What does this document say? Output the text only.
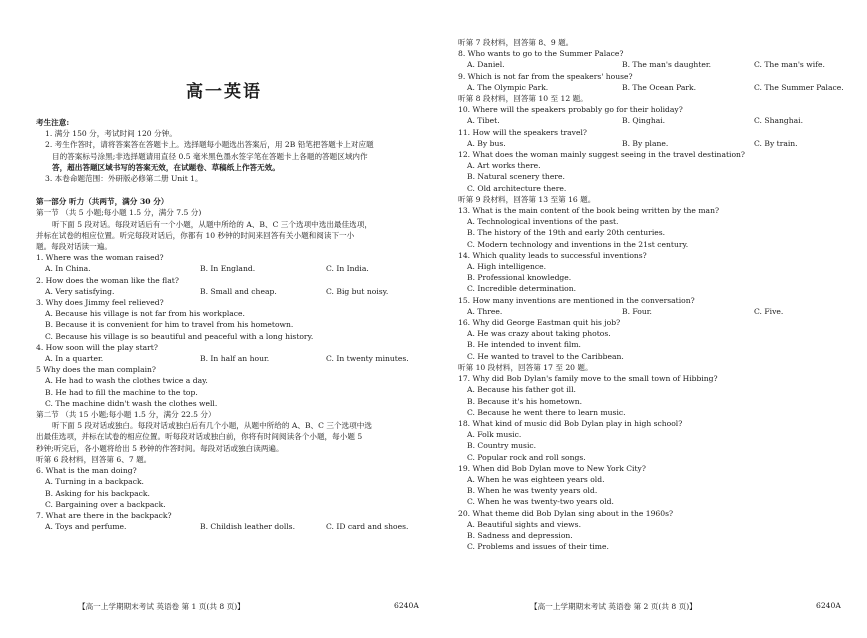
高一英语
考生注意:
1. 满分 150 分，考试时间 120 分钟。
2. 考生作答时，请将答案答在答题卡上。选择题每小题选出答案后，用 2B 铅笔把答题卡上对应题
目的答案标号涂黑;非选择题请用直径 0.5 毫米黑色墨水签字笔在答题卡上各题的答题区域内作
答，超出答题区域书写的答案无效，在试题卷、草稿纸上作答无效。
3. 本卷命题范围：外研版必修第二册 Unit 1。
第一部分 听力（共两节，满分 30 分）
第一节 （共 5 小题;每小题 1.5 分，满分 7.5 分)
听下面 5 段对话。每段对话后有一个小题，从题中所给的 A、B、C 三个选项中选出最佳选项，
并标在试卷的相应位置。听完每段对话后，你都有 10 秒钟的时间来回答有关小题和阅读下一小
题。每段对话读一遍。
1. Where was the woman raised?
A. In China.	B. In England.	C. In India.
2. How does the woman like the flat?
A. Very satisfying.	B. Small and cheap.	C. Big but noisy.
3. Why does Jimmy feel relieved?
A. Because his village is not far from his workplace.
B. Because it is convenient for him to travel from his hometown.
C. Because his village is so beautiful and peaceful with a long history.
4. How soon will the play start?
A. In a quarter.	B. In half an hour.	C. In twenty minutes.
5 Why does the man complain?
A. He had to wash the clothes twice a day.
B. He had to fill the machine to the top.
C. The machine didn't wash the clothes well.
第二节 （共 15 小题;每小题 1.5 分，满分 22.5 分）
听下面 5 段对话或独白。每段对话或独白后有几个小题，从题中所给的 A、B、C 三个选项中选
出最佳选项，并标在试卷的相应位置。听每段对话或独白前，你将有时间阅读各个小题，每小题 5
秒钟;听完后，各小题将给出 5 秒钟的作答时间。每段对话或独白读两遍。
听第 6 段材料，回答第 6、7 题。
6. What is the man doing?
A. Turning in a backpack.
B. Asking for his backpack.
C. Bargaining over a backpack.
7. What are there in the backpack?
A. Toys and perfume.	B. Childish leather dolls.	C. ID card and shoes.
【高一上学期期末考试 英语卷 第 1 页(共 8 页)】	6240A
听第 7 段材料，回答第 8、9 题。
8. Who wants to go to the Summer Palace?
A. Daniel.	B. The man's daughter.	C. The man's wife.
9. Which is not far from the speakers' house?
A. The Olympic Park.	B. The Ocean Park.	C. The Summer Palace.
听第 8 段材料，回答第 10 至 12 题。
10. Where will the speakers probably go for their holiday?
A. Tibet.	B. Qinghai.	C. Shanghai.
11. How will the speakers travel?
A. By bus.	B. By plane.	C. By train.
12. What does the woman mainly suggest seeing in the travel destination?
A. Art works there.
B. Natural scenery there.
C. Old architecture there.
听第 9 段材料，回答第 13 至第 16 题。
13. What is the main content of the book being written by the man?
A. Technological inventions of the past.
B. The history of the 19th and early 20th centuries.
C. Modern technology and inventions in the 21st century.
14. Which quality leads to successful inventions?
A. High intelligence.
B. Professional knowledge.
C. Incredible determination.
15. How many inventions are mentioned in the conversation?
A. Three.	B. Four.	C. Five.
16. Why did George Eastman quit his job?
A. He was crazy about taking photos.
B. He intended to invent film.
C. He wanted to travel to the Caribbean.
听第 10 段材料，回答第 17 至 20 题。
17. Why did Bob Dylan's family move to the small town of Hibbing?
A. Because his father got ill.
B. Because it's his hometown.
C. Because he went there to learn music.
18. What kind of music did Bob Dylan play in high school?
A. Folk music.
B. Country music.
C. Popular rock and roll songs.
19. When did Bob Dylan move to New York City?
A. When he was eighteen years old.
B. When he was twenty years old.
C. When he was twenty-two years old.
20. What theme did Bob Dylan sing about in the 1960s?
A. Beautiful sights and views.
B. Sadness and depression.
C. Problems and issues of their time.
【高一上学期期末考试 英语卷 第 2 页(共 8 页)】	6240A
